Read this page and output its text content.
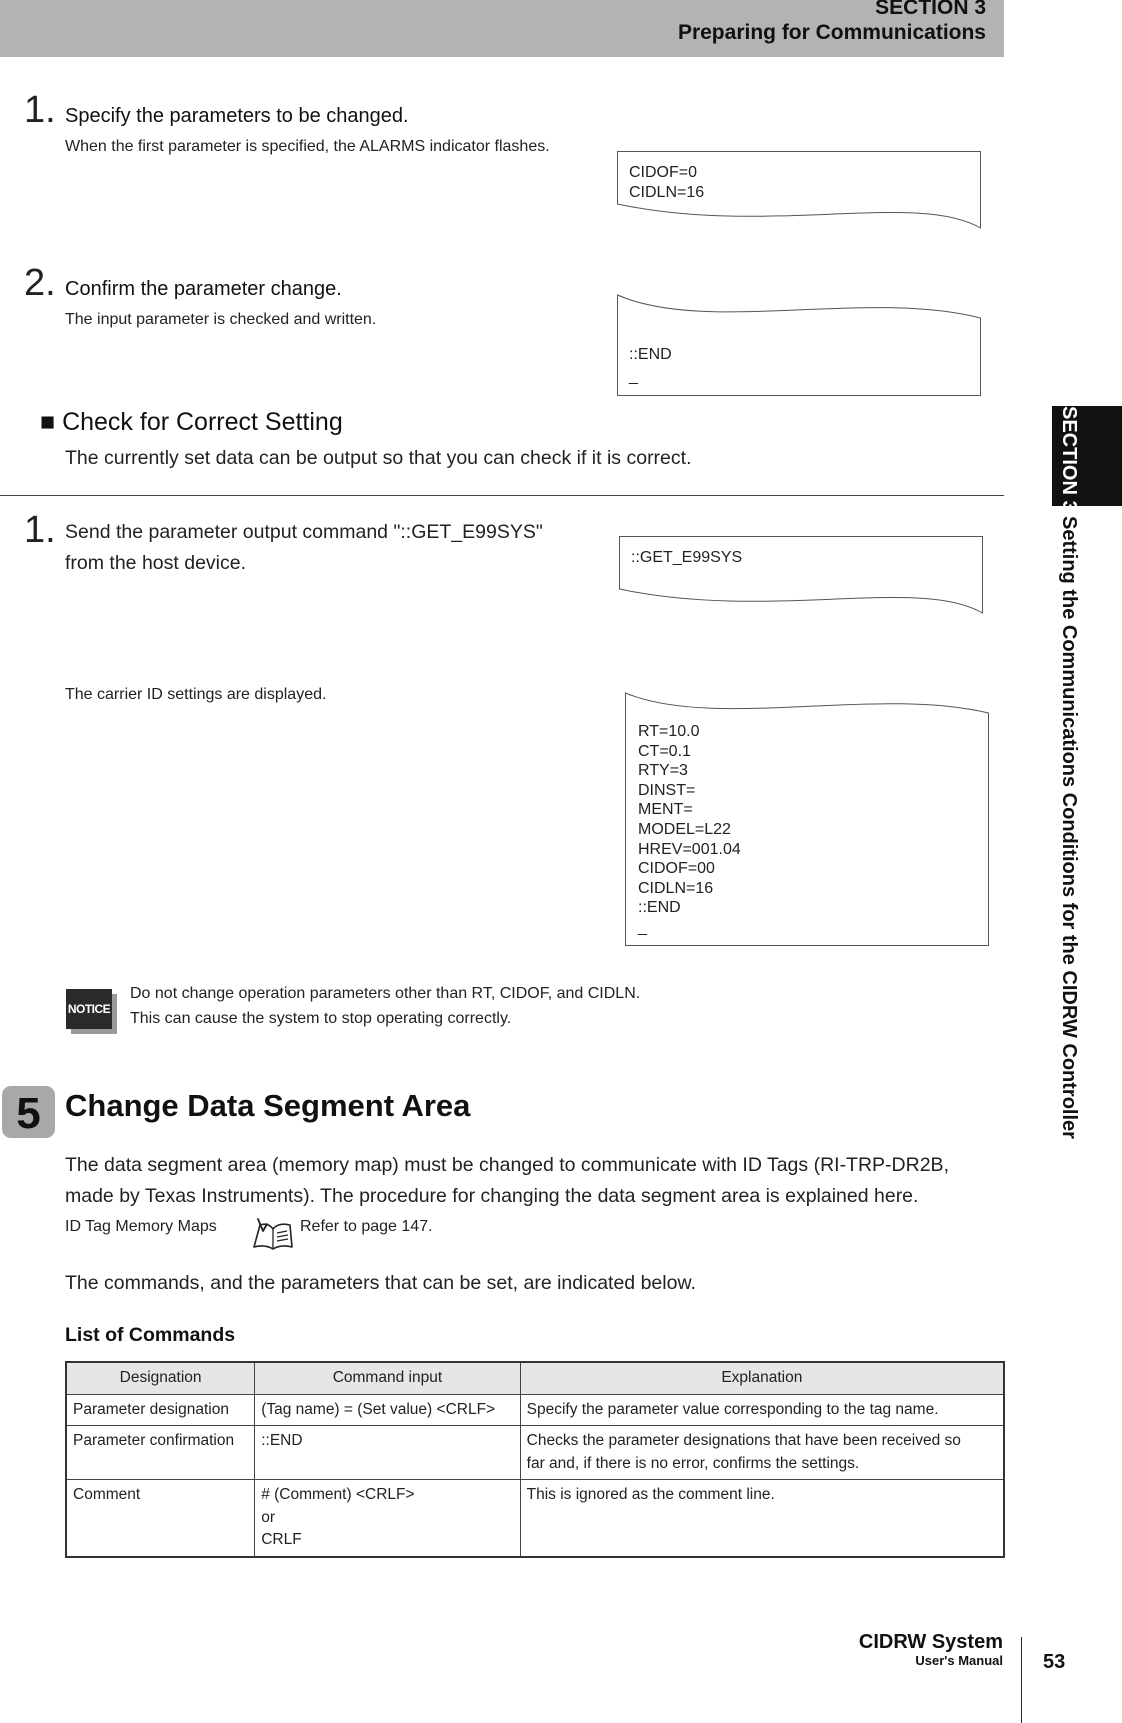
SECTION 3
Preparing for Communications
SECTION 3
Setting the Communications Conditions for the CIDRW Controller
1. Specify the parameters to be changed.
When the first parameter is specified, the ALARMS indicator flashes.
CIDOF=0
CIDLN=16
2. Confirm the parameter change.
The input parameter is checked and written.
::END
_
■ Check for Correct Setting
The currently set data can be output so that you can check if it is correct.
1. Send the parameter output command "::GET_E99SYS"
from the host device.	::GET_E99SYS
The carrier ID settings are displayed.
RT=10.0
CT=0.1
RTY=3
DINST=
MENT=
MODEL=L22
HREV=001.04
CIDOF=00
CIDLN=16
::END
_
NOTICE
Do not change operation parameters other than RT, CIDOF, and CIDLN.
This can cause the system to stop operating correctly.
5 Change Data Segment Area
The data segment area (memory map) must be changed to communicate with ID Tags (RI-TRP-DR2B,
made by Texas Instruments). The procedure for changing the data segment area is explained here.
ID Tag Memory Maps	Refer to page 147.
The commands, and the parameters that can be set, are indicated below.
List of Commands
Designation	Command input	Explanation
Parameter designation	(Tag name) = (Set value) <CRLF>	Specify the parameter value corresponding to the tag name.

Parameter confirmation	::END	Checks the parameter designations that have been received so
far and, if there is no error, confirms the settings.

Comment	# (Comment) <CRLF>
or
CRLF	This is ignored as the comment line.
CIDRW System
User's Manual 53
